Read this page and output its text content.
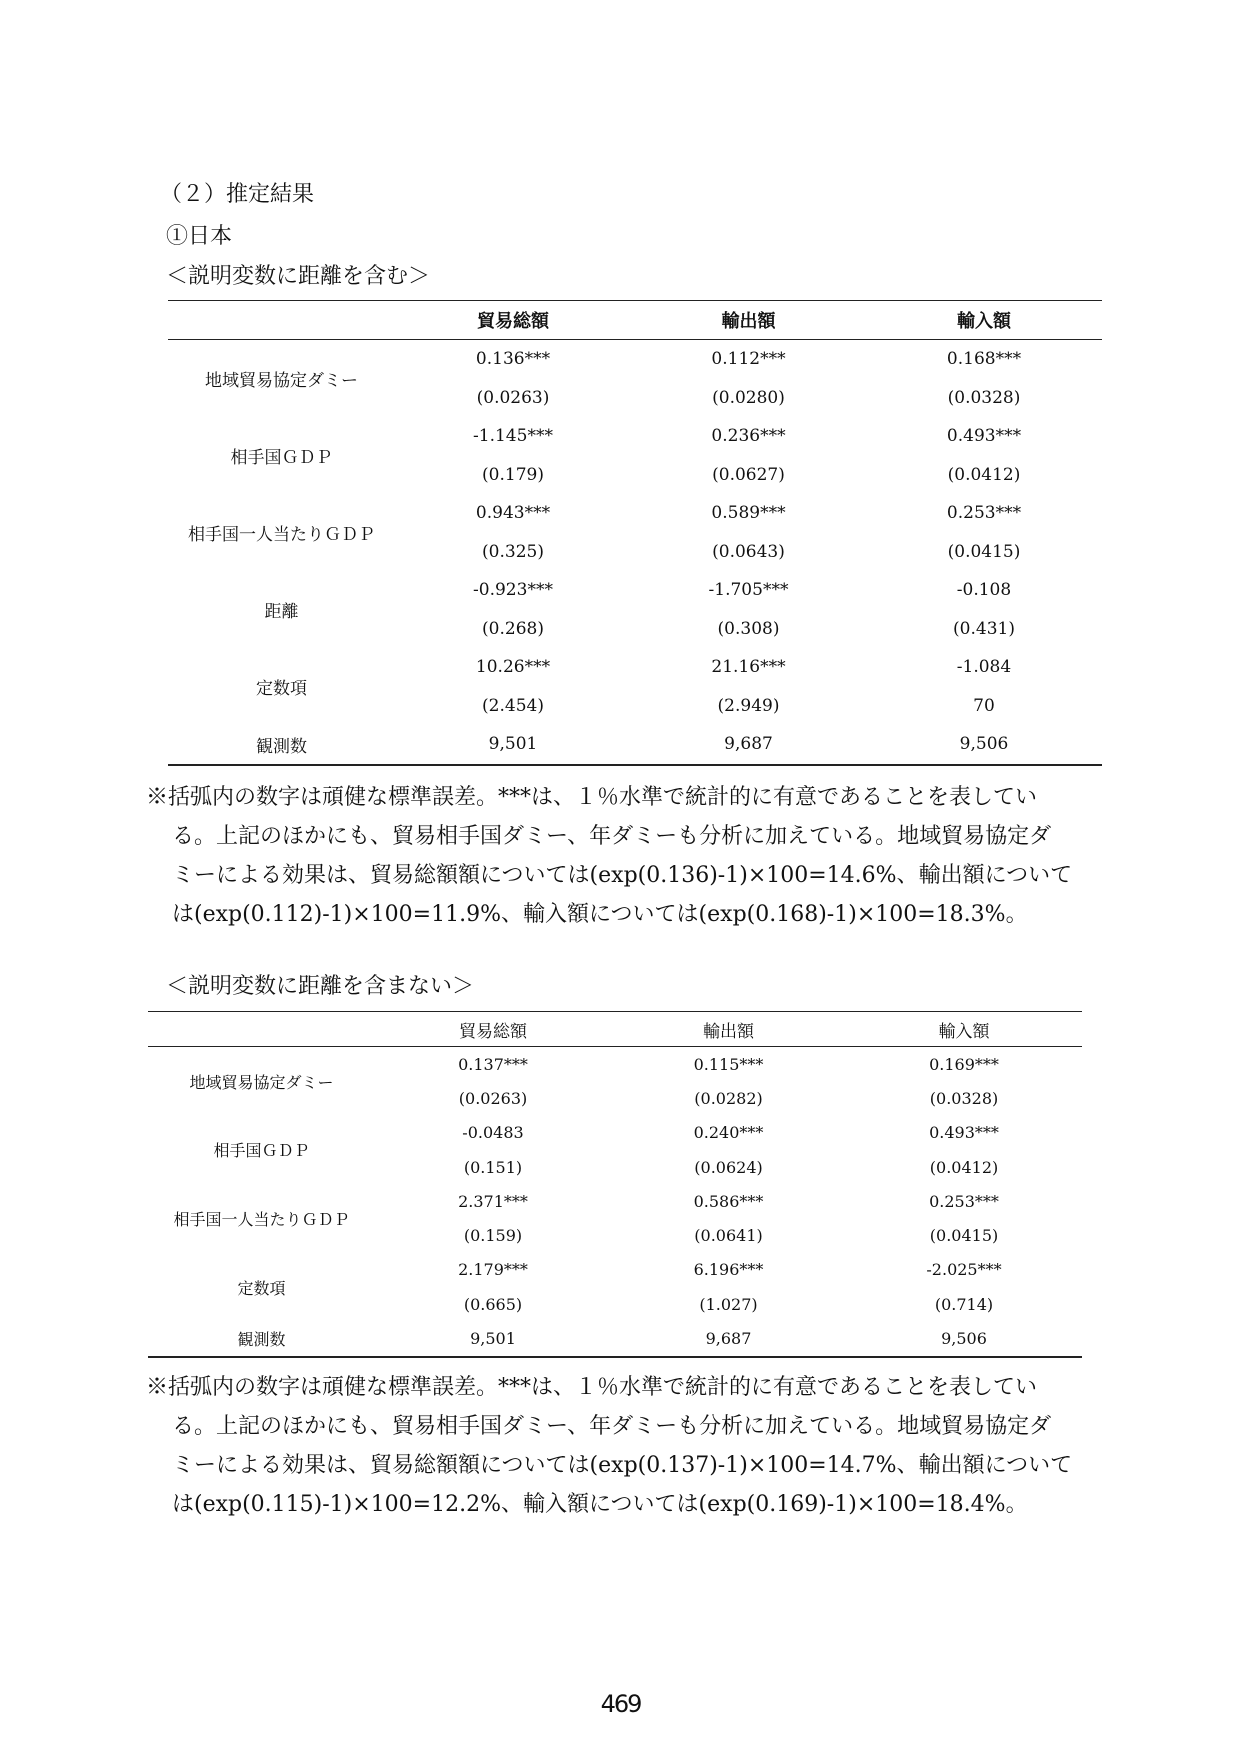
（２）推定結果
①日本
＜説明変数に距離を含む＞
	貿易総額	輸出額	輸入額
地域貿易協定ダミー	0.136***	0.112***	0.168***
	(0.0263)	(0.0280)	(0.0328)
相手国ＧＤＰ	-1.145***	0.236***	0.493***
	(0.179)	(0.0627)	(0.0412)
相手国一人当たりＧＤＰ	0.943***	0.589***	0.253***
	(0.325)	(0.0643)	(0.0415)
距離	-0.923***	-1.705***	-0.108
	(0.268)	(0.308)	(0.431)
定数項	10.26***	21.16***	-1.084
	(2.454)	(2.949)	70
観測数	9,501	9,687	9,506
※括弧内の数字は頑健な標準誤差。***は、１％水準で統計的に有意であることを表してい
る。上記のほかにも、貿易相手国ダミー、年ダミーも分析に加えている。地域貿易協定ダ
ミーによる効果は、貿易総額額については(exp(0.136)-1)×100=14.6%、輸出額について
は(exp(0.112)-1)×100=11.9%、輸入額については(exp(0.168)-1)×100=18.3%。
＜説明変数に距離を含まない＞
	貿易総額	輸出額	輸入額
地域貿易協定ダミー	0.137***	0.115***	0.169***
	(0.0263)	(0.0282)	(0.0328)
相手国ＧＤＰ	-0.0483	0.240***	0.493***
	(0.151)	(0.0624)	(0.0412)
相手国一人当たりＧＤＰ	2.371***	0.586***	0.253***
	(0.159)	(0.0641)	(0.0415)
定数項	2.179***	6.196***	-2.025***
	(0.665)	(1.027)	(0.714)
観測数	9,501	9,687	9,506
※括弧内の数字は頑健な標準誤差。***は、１％水準で統計的に有意であることを表してい
る。上記のほかにも、貿易相手国ダミー、年ダミーも分析に加えている。地域貿易協定ダ
ミーによる効果は、貿易総額額については(exp(0.137)-1)×100=14.7%、輸出額について
は(exp(0.115)-1)×100=12.2%、輸入額については(exp(0.169)-1)×100=18.4%。
469
